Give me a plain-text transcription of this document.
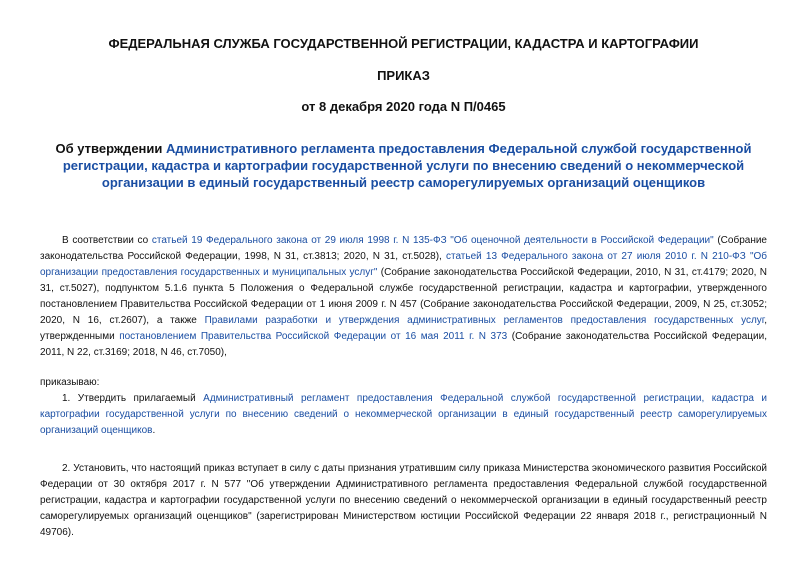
ФЕДЕРАЛЬНАЯ СЛУЖБА ГОСУДАРСТВЕННОЙ РЕГИСТРАЦИИ, КАДАСТРА И КАРТОГРАФИИ
ПРИКАЗ
от 8 декабря 2020 года N П/0465
Об утверждении Административного регламента предоставления Федеральной службой государственной регистрации, кадастра и картографии государственной услуги по внесению сведений о некоммерческой организации в единый государственный реестр саморегулируемых организаций оценщиков
В соответствии со статьей 19 Федерального закона от 29 июля 1998 г. N 135-ФЗ "Об оценочной деятельности в Российской Федерации" (Собрание законодательства Российской Федерации, 1998, N 31, ст.3813; 2020, N 31, ст.5028), статьей 13 Федерального закона от 27 июля 2010 г. N 210-ФЗ "Об организации предоставления государственных и муниципальных услуг" (Собрание законодательства Российской Федерации, 2010, N 31, ст.4179; 2020, N 31, ст.5027), подпунктом 5.1.6 пункта 5 Положения о Федеральной службе государственной регистрации, кадастра и картографии, утвержденного постановлением Правительства Российской Федерации от 1 июня 2009 г. N 457 (Собрание законодательства Российской Федерации, 2009, N 25, ст.3052; 2020, N 16, ст.2607), а также Правилами разработки и утверждения административных регламентов предоставления государственных услуг, утвержденными постановлением Правительства Российской Федерации от 16 мая 2011 г. N 373 (Собрание законодательства Российской Федерации, 2011, N 22, ст.3169; 2018, N 46, ст.7050),
приказываю:
1. Утвердить прилагаемый Административный регламент предоставления Федеральной службой государственной регистрации, кадастра и картографии государственной услуги по внесению сведений о некоммерческой организации в единый государственный реестр саморегулируемых организаций оценщиков.
2. Установить, что настоящий приказ вступает в силу с даты признания утратившим силу приказа Министерства экономического развития Российской Федерации от 30 октября 2017 г. N 577 "Об утверждении Административного регламента предоставления Федеральной службой государственной регистрации, кадастра и картографии государственной услуги по внесению сведений о некоммерческой организации в единый государственный реестр саморегулируемых организаций оценщиков" (зарегистрирован Министерством юстиции Российской Федерации 22 января 2018 г., регистрационный N 49706).
